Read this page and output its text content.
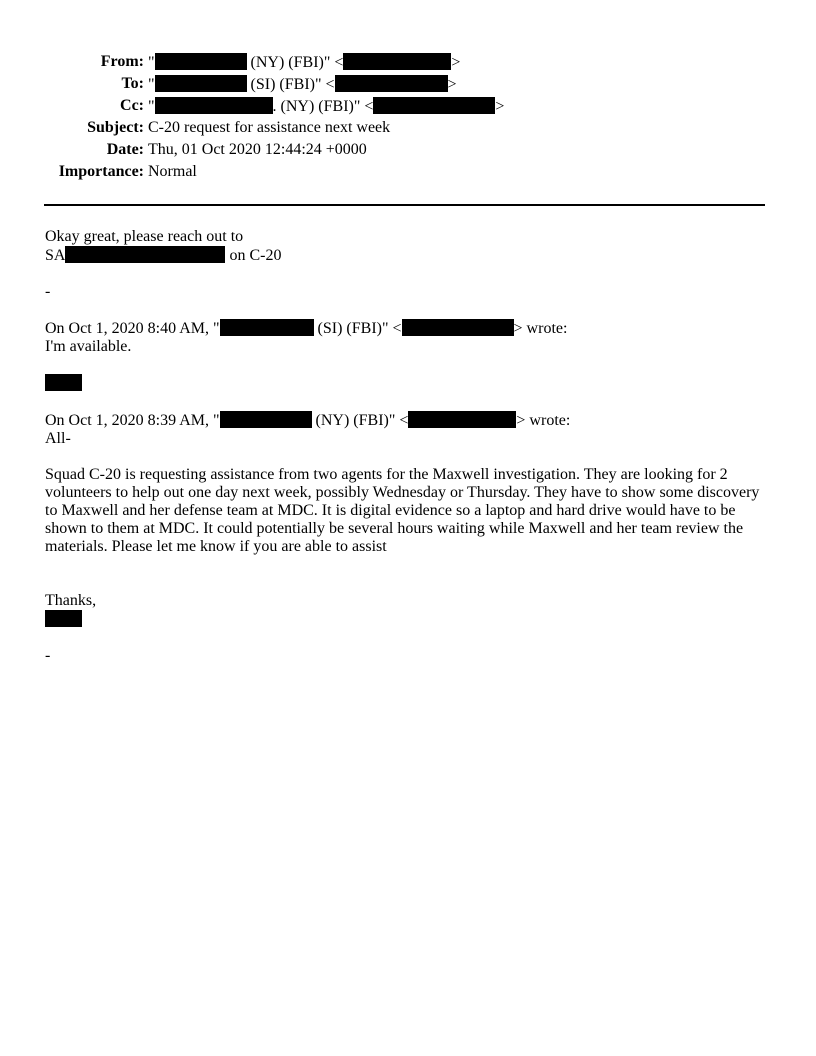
From: "	(NY) (FBI)" <	>
To: "	(SI) (FBI)" <	>
Cc: "	. (NY) (FBI)" <	>
Subject: C-20 request for assistance next week
Date: Thu, 01 Oct 2020 12:44:24 +0000
Importance: Normal
Okay great, please reach out to
SA	on C-20
-
On Oct 1, 2020 8:40 AM, "	(SI) (FBI)" <	> wrote:
I'm available.
On Oct 1, 2020 8:39 AM, "	(NY) (FBI)" <	> wrote:
All-
Squad C-20 is requesting assistance from two agents for the Maxwell investigation. They are looking for 2 volunteers to help out one day next week, possibly Wednesday or Thursday. They have to show some discovery to Maxwell and her defense team at MDC. It is digital evidence so a laptop and hard drive would have to be shown to them at MDC. It could potentially be several hours waiting while Maxwell and her team review the materials. Please let me know if you are able to assist
Thanks,
-
